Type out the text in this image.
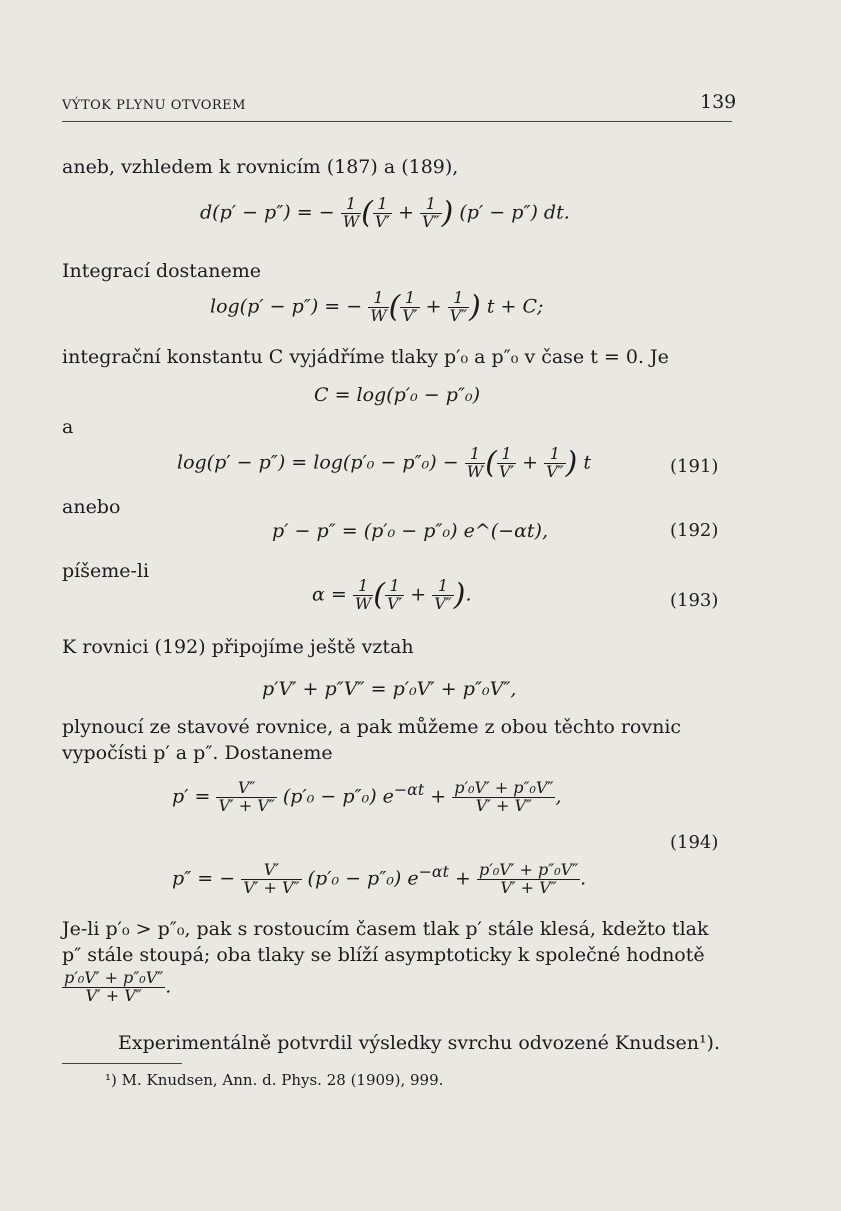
VÝTOK PLYNU OTVOREM	139
aneb, vzhledem k rovnicím (187) a (189),
d(p′ − p″) = − $\frac{1}{W}$ ( $\frac{1}{V'} + \frac{1}{V''}$ ) (p′ − p″) dt.
Integrací dostaneme
log(p′ − p″) = − $\frac{1}{W}$ ( $\frac{1}{V'} + \frac{1}{V''}$ ) t + C;
integrační konstantu C vyjádříme tlaky p′₀ a p″₀ v čase t = 0. Je
C = log(p′₀ − p″₀)
a
$\log(p' - p'') = \log(p'_0 - p''_0) - \frac{1}{W}$ ( $\frac{1}{V'} + \frac{1}{V''}$ ) t	(191)
anebo
p′ − p″ = (p′₀ − p″₀) e^(−αt),	(192)
píšeme-li
$\alpha = \frac{1}{W}$ ( $\frac{1}{V'} + \frac{1}{V''}$ ).	(193)
K rovnici (192) připojíme ještě vztah
p′V′ + p″V″ = p′₀V′ + p″₀V″,
plynoucí ze stavové rovnice, a pak můžeme z obou těchto rovnic
vypočísti p′ a p″. Dostaneme
$p' = \frac{V''}{V' + V''} (p'_0 - p''_0) e^{-\alpha t} + \frac{\text{p′₀V′ + p″₀V″}}{V' + V''}$ ,
(194)
p″ = − $\frac{V'}{V' + V''} (p'_0 - p''_0) e^{-\alpha t} + \frac{\text{p′₀V′ + p″₀V″}}{V' + V''}$ .
Je-li p′₀ > p″₀, pak s rostoucím časem tlak p′ stále klesá, kdežto tlak
p″ stále stoupá; oba tlaky se blíží asymptoticky k společné hodnotě
$\frac{\text{p′₀V′ + p″₀V″}}{V' + V''}$ .
Experimentálně potvrdil výsledky svrchu odvozené Knudsen¹).
¹) M. Knudsen, Ann. d. Phys. 28 (1909), 999.
